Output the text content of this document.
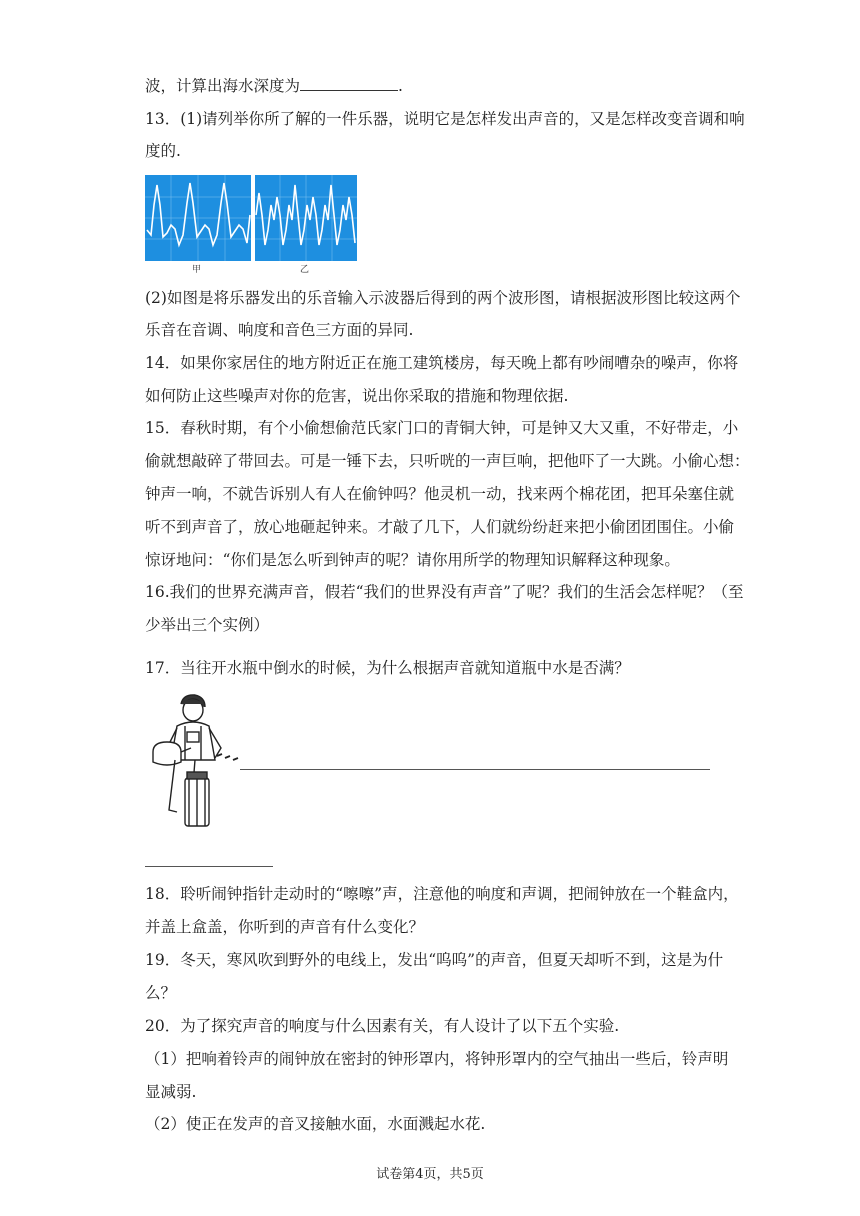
波，计算出海水深度为	.
13．(1)请列举你所了解的一件乐器，说明它是怎样发出声音的，又是怎样改变音调和响
度的.
甲	乙
(2)如图是将乐器发出的乐音输入示波器后得到的两个波形图，请根据波形图比较这两个
乐音在音调、响度和音色三方面的异同.
14．如果你家居住的地方附近正在施工建筑楼房，每天晚上都有吵闹嘈杂的噪声，你将
如何防止这些噪声对你的危害，说出你采取的措施和物理依据.
15．春秋时期，有个小偷想偷范氏家门口的青铜大钟，可是钟又大又重，不好带走，小
偷就想敲碎了带回去。可是一锤下去，只听咣的一声巨响，把他吓了一大跳。小偷心想：
钟声一响，不就告诉别人有人在偷钟吗？他灵机一动，找来两个棉花团，把耳朵塞住就
听不到声音了，放心地砸起钟来。才敲了几下，人们就纷纷赶来把小偷团团围住。小偷
惊讶地问：“你们是怎么听到钟声的呢？请你用所学的物理知识解释这种现象。
16.我们的世界充满声音，假若“我们的世界没有声音”了呢？我们的生活会怎样呢？（至
少举出三个实例）
17．当往开水瓶中倒水的时候，为什么根据声音就知道瓶中水是否满？
18．聆听闹钟指针走动时的“嚓嚓”声，注意他的响度和声调，把闹钟放在一个鞋盒内，
并盖上盒盖，你听到的声音有什么变化？
19．冬天，寒风吹到野外的电线上，发出“呜呜”的声音，但夏天却听不到，这是为什
么？
20．为了探究声音的响度与什么因素有关，有人设计了以下五个实验.
（1）把响着铃声的闹钟放在密封的钟形罩内，将钟形罩内的空气抽出一些后，铃声明
显减弱.
（2）使正在发声的音叉接触水面，水面溅起水花.
试卷第4页，共5页
